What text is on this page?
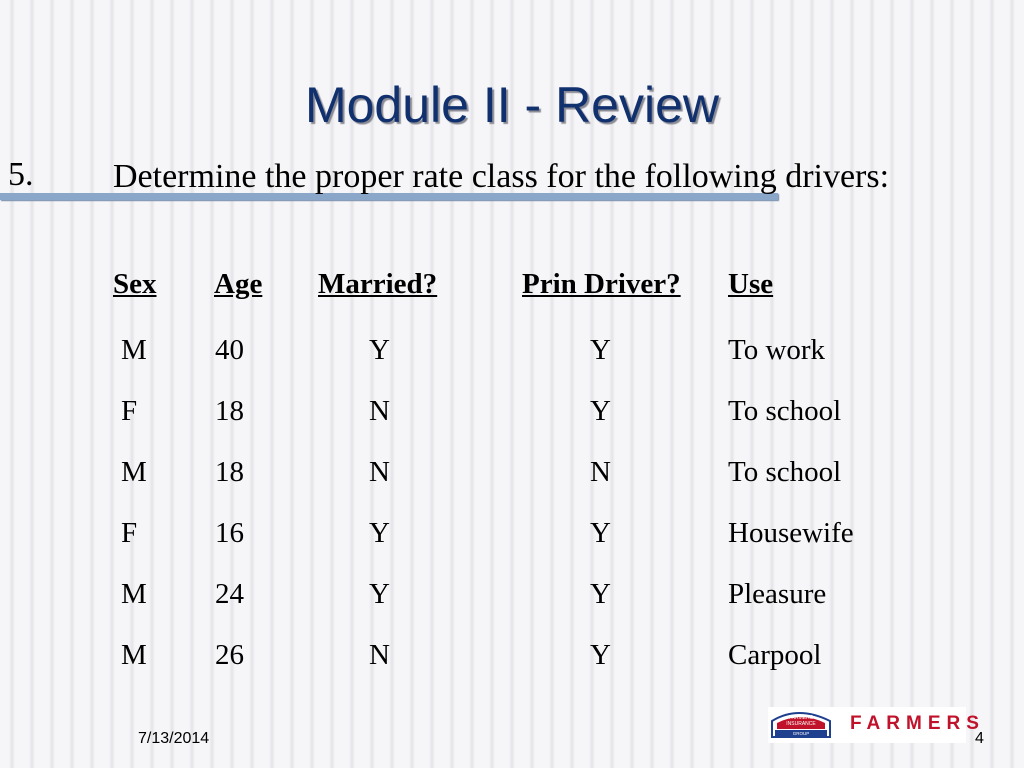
Module II - Review
5. Determine the proper rate class for the following drivers:
Sex Age Married?	Prin Driver? Use
M 40	Y	Y	To work
F	18	N	Y	To school
M 18	N	N	To school
F	16	Y	Y	Housewife
M 24	Y	Y	Pleasure
M 26	N	Y	Carpool
7/13/2014
FARMERS
INSURANCE
GROUP FARMERS
4
